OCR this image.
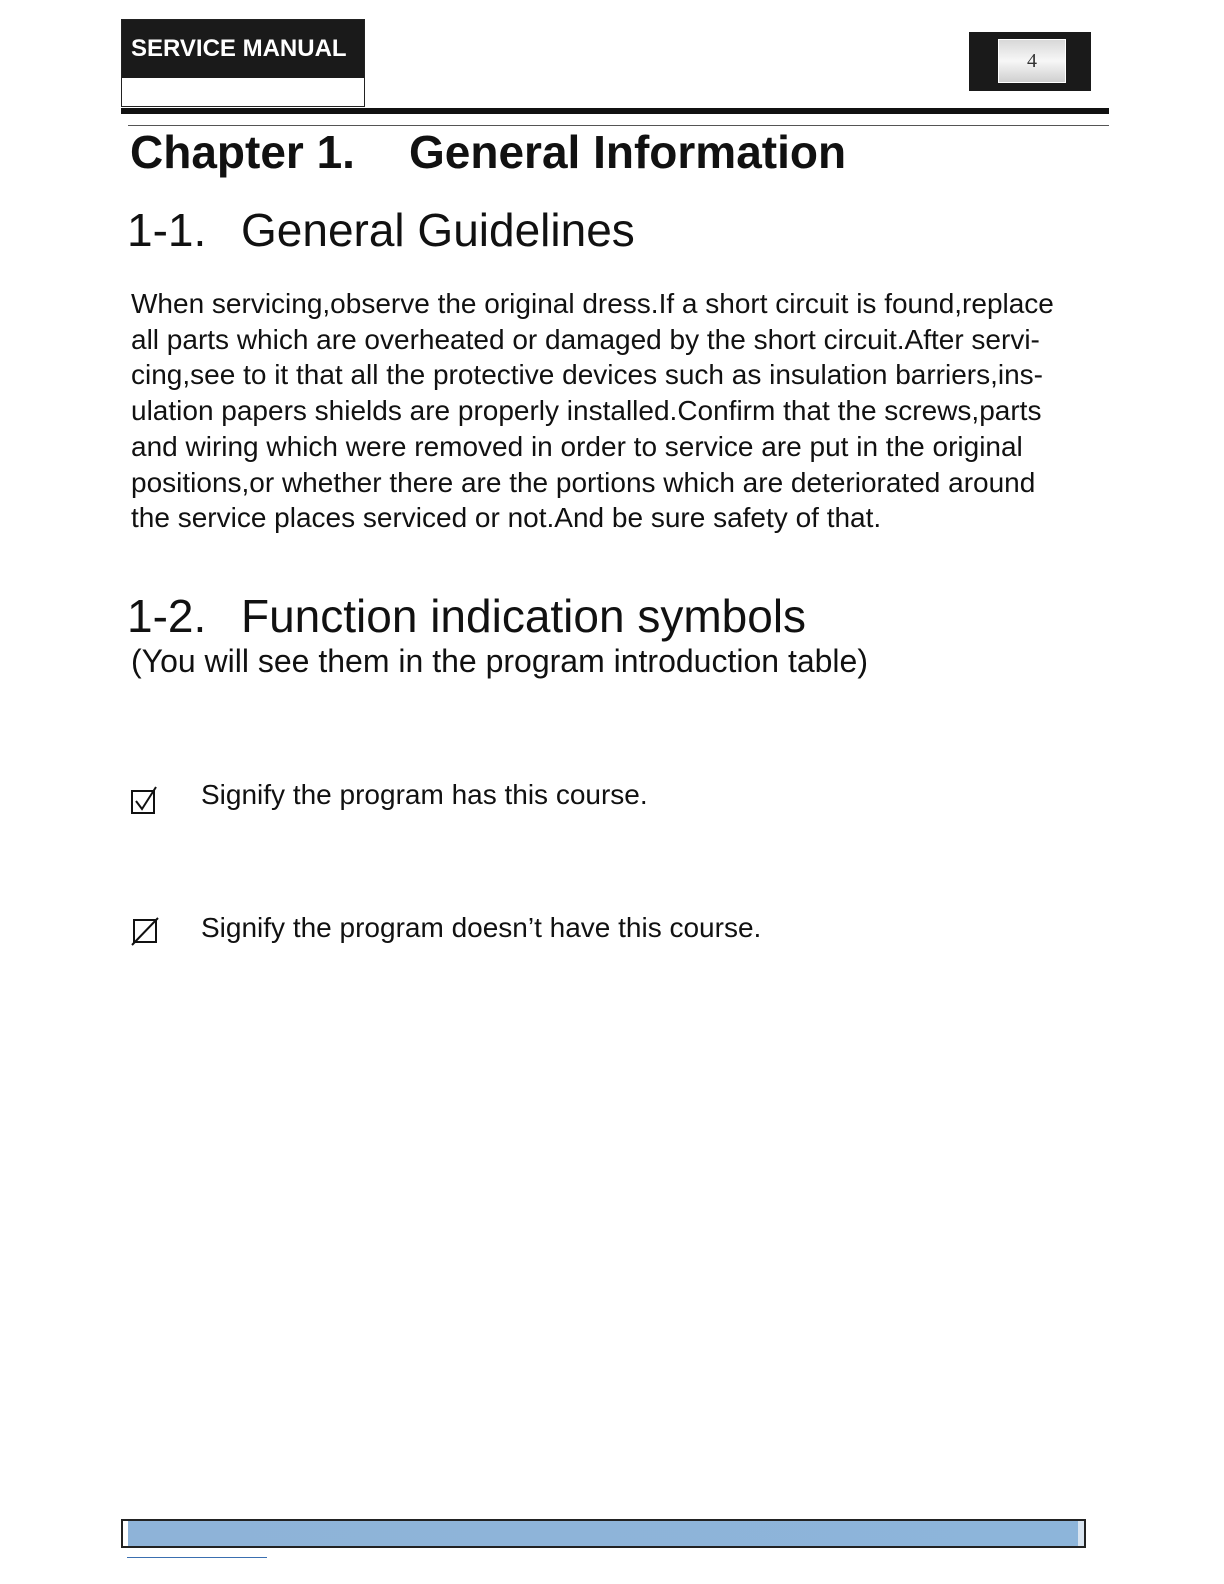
SERVICE MANUAL	4
Chapter 1. General Information
1-1. General Guidelines

When servicing,observe the original dress.If a short circuit is found,replace
all parts which are overheated or damaged by the short circuit.After servi-
cing,see to it that all the protective devices such as insulation barriers,ins-
ulation papers shields are properly installed.Confirm that the screws,parts
and wiring which were removed in order to service are put in the original
positions,or whether there are the portions which are deteriorated around
the service places serviced or not.And be sure safety of that.

1-2. Function indication symbols
(You will see them in the program introduction table)
Signify the program has this course.
Signify the program doesn’t have this course.
